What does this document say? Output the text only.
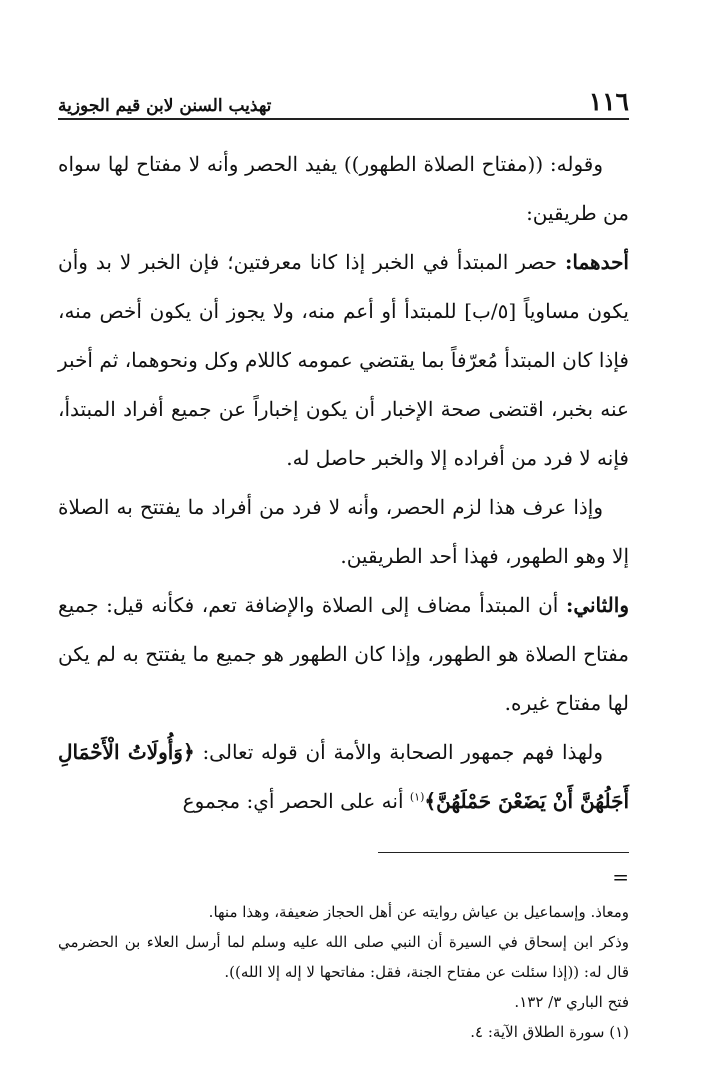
١١٦
تهذيب السنن لابن قيم الجوزية

وقوله: ((مفتاح الصلاة الطهور)) يفيد الحصر وأنه لا مفتاح لها سواه من طريقين:

أحدهما: حصر المبتدأ في الخبر إذا كانا معرفتين؛ فإن الخبر لا بد وأن يكون مساوياً [٥/ب] للمبتدأ أو أعم منه، ولا يجوز أن يكون أخص منه، فإذا كان المبتدأ مُعرّفاً بما يقتضي عمومه كاللام وكل ونحوهما، ثم أخبر عنه بخبر، اقتضى صحة الإخبار أن يكون إخباراً عن جميع أفراد المبتدأ، فإنه لا فرد من أفراده إلا والخبر حاصل له.

وإذا عرف هذا لزم الحصر، وأنه لا فرد من أفراد ما يفتتح به الصلاة إلا وهو الطهور، فهذا أحد الطريقين.

والثاني: أن المبتدأ مضاف إلى الصلاة والإضافة تعم، فكأنه قيل: جميع مفتاح الصلاة هو الطهور، وإذا كان الطهور هو جميع ما يفتتح به لم يكن لها مفتاح غيره.

ولهذا فهم جمهور الصحابة والأمة أن قوله تعالى: ﴿وَأُولَاتُ الْأَحْمَالِ أَجَلُهُنَّ أَنْ يَضَعْنَ حَمْلَهُنَّ﴾$^{(١)}$ أنه على الحصر أي: مجموع

=

ومعاذ. وإسماعيل بن عياش روايته عن أهل الحجاز ضعيفة، وهذا منها.

وذكر ابن إسحاق في السيرة أن النبي صلى الله عليه وسلم لما أرسل العلاء بن الحضرمي قال له: ((إذا سئلت عن مفتاح الجنة، فقل: مفاتحها لا إله إلا الله)).

فتح الباري ٣/ ١٣٢.

(١) سورة الطلاق الآية: ٤.
